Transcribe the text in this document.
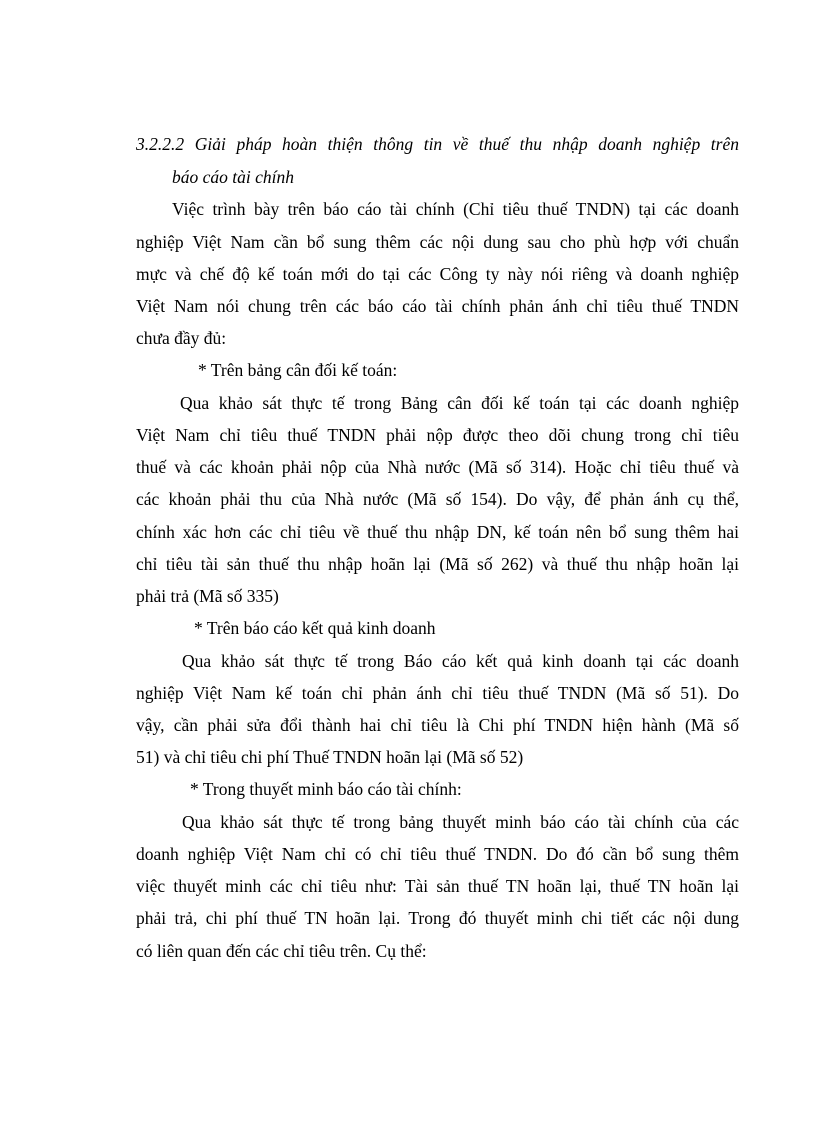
3.2.2.2 Giải pháp hoàn thiện thông tin về thuế thu nhập doanh nghiệp trên
báo cáo tài chính
Việc trình bày trên báo cáo tài chính (Chỉ tiêu thuế TNDN) tại các doanh
nghiệp Việt Nam cần bổ sung thêm các nội dung sau cho phù hợp với chuẩn
mực và chế độ kế toán mới do tại các Công ty này nói riêng và doanh nghiệp
Việt Nam nói chung trên các báo cáo tài chính phản ánh chỉ tiêu thuế TNDN
chưa đầy đủ:
* Trên bảng cân đối kế toán:
Qua khảo sát thực tế trong Bảng cân đối kế toán tại các doanh nghiệp
Việt Nam chỉ tiêu thuế TNDN phải nộp được theo dõi chung trong chỉ tiêu
thuế và các khoản phải nộp của Nhà nước (Mã số 314). Hoặc chỉ tiêu thuế và
các khoản phải thu của Nhà nước (Mã số 154). Do vậy, để phản ánh cụ thể,
chính xác hơn các chỉ tiêu về thuế thu nhập DN, kế toán nên bổ sung thêm hai
chỉ tiêu tài sản thuế thu nhập hoãn lại (Mã số 262) và thuế thu nhập hoãn lại
phải trả (Mã số 335)
* Trên báo cáo kết quả kinh doanh
Qua khảo sát thực tế trong Báo cáo kết quả kinh doanh tại các doanh
nghiệp Việt Nam kế toán chỉ phản ánh chỉ tiêu thuế TNDN (Mã số 51). Do
vậy, cần phải sửa đổi thành hai chỉ tiêu là Chi phí TNDN hiện hành (Mã số
51) và chỉ tiêu chi phí Thuế TNDN hoãn lại (Mã số 52)
* Trong thuyết minh báo cáo tài chính:
Qua khảo sát thực tế trong bảng thuyết minh báo cáo tài chính của các
doanh nghiệp Việt Nam chỉ có chỉ tiêu thuế TNDN. Do đó cần bổ sung thêm
việc thuyết minh các chỉ tiêu như: Tài sản thuế TN hoãn lại, thuế TN hoãn lại
phải trả, chi phí thuế TN hoãn lại. Trong đó thuyết minh chi tiết các nội dung
có liên quan đến các chỉ tiêu trên. Cụ thể:
